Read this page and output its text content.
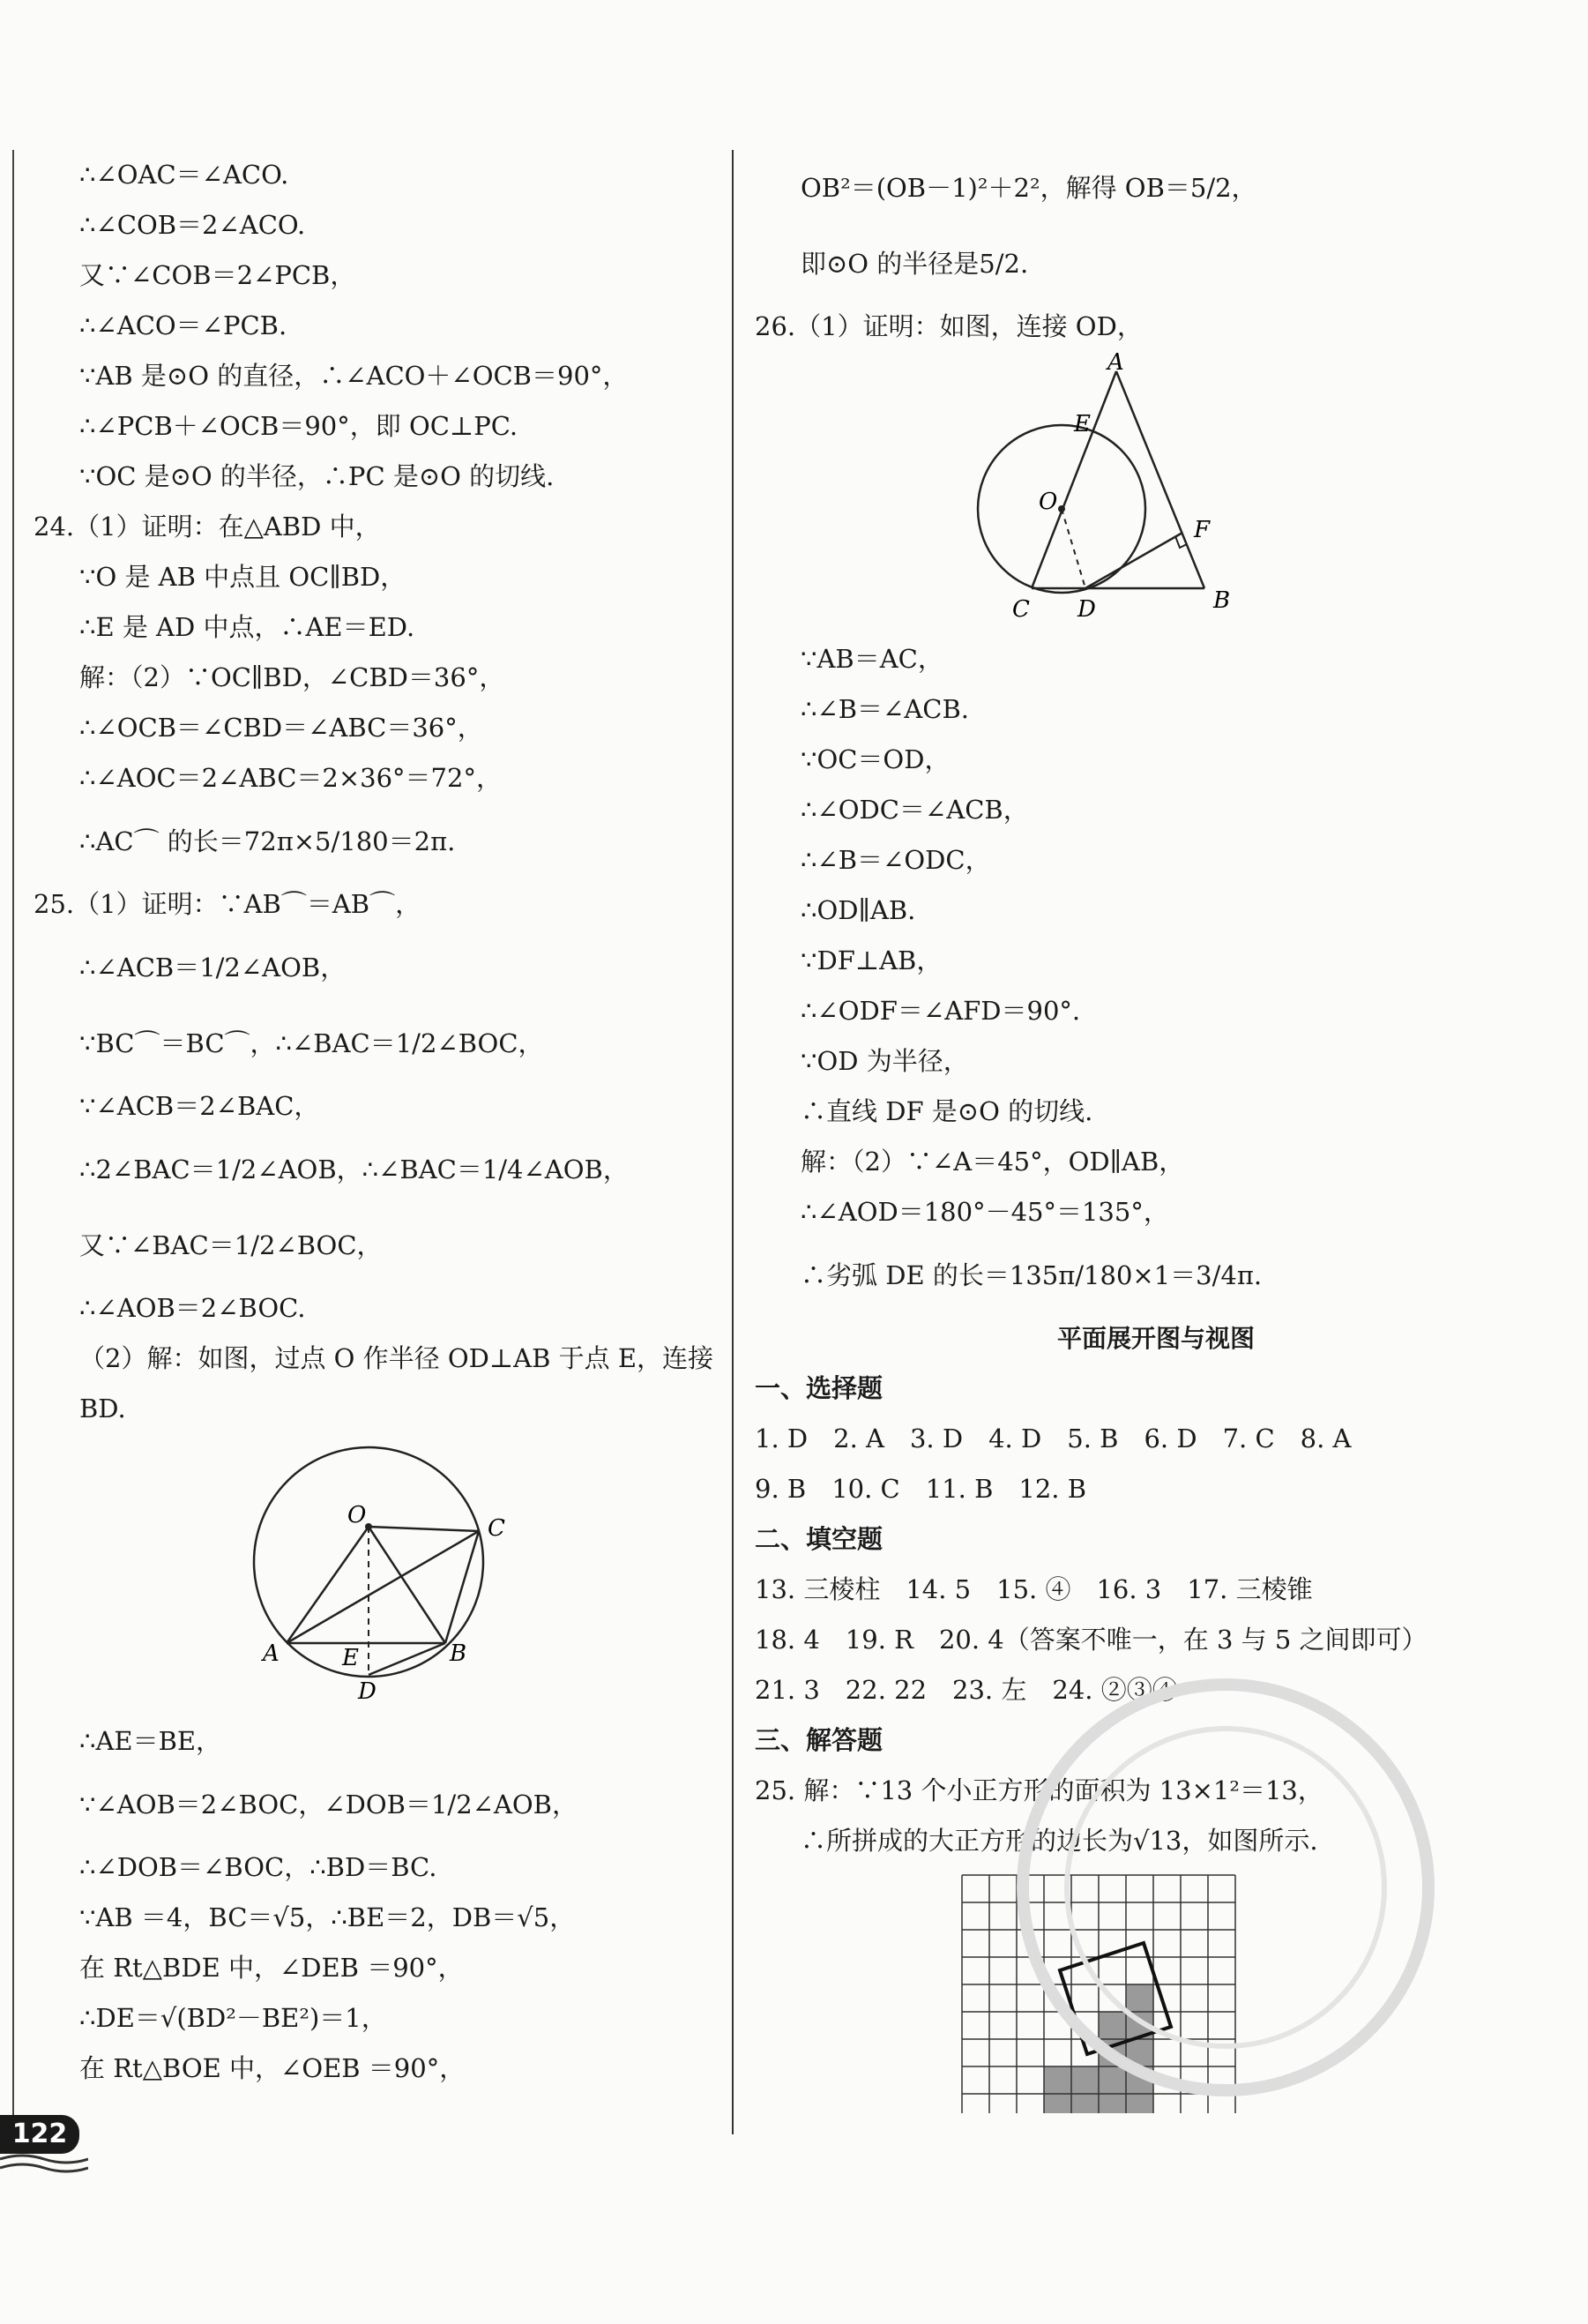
∴∠OAC＝∠ACO.
∴∠COB＝2∠ACO.
又∵∠COB＝2∠PCB，
∴∠ACO＝∠PCB.
∵AB 是⊙O 的直径，∴∠ACO＋∠OCB＝90°，
∴∠PCB＋∠OCB＝90°，即 OC⊥PC.
∵OC 是⊙O 的半径，∴PC 是⊙O 的切线.
24.（1）证明：在△ABD 中，
∵O 是 AB 中点且 OC∥BD，
∴E 是 AD 中点，∴AE＝ED.
解：（2）∵OC∥BD，∠CBD＝36°，
∴∠OCB＝∠CBD＝∠ABC＝36°，
∴∠AOC＝2∠ABC＝2×36°＝72°，
∴AC⌒ 的长＝72π×5/180＝2π.
25.（1）证明：∵AB⌒＝AB⌒，
∴∠ACB＝1/2∠AOB，
∵BC⌒＝BC⌒，∴∠BAC＝1/2∠BOC，
∵∠ACB＝2∠BAC，
∴2∠BAC＝1/2∠AOB，∴∠BAC＝1/4∠AOB，
又∵∠BAC＝1/2∠BOC，
∴∠AOB＝2∠BOC.
（2）解：如图，过点 O 作半径 OD⊥AB 于点 E，连接
BD.
O	C
A	E	B
D
∴AE＝BE，
∵∠AOB＝2∠BOC，∠DOB＝1/2∠AOB，
∴∠DOB＝∠BOC，∴BD＝BC.
∵AB ＝4，BC＝√5，∴BE＝2，DB＝√5，
在 Rt△BDE 中，∠DEB ＝90°，
∴DE＝√(BD²－BE²)＝1，
在 Rt△BOE 中，∠OEB ＝90°，
OB²＝(OB－1)²＋2²，解得 OB＝5/2，
即⊙O 的半径是5/2.
26.（1）证明：如图，连接 OD，
A
E
O
F
C D	B
∵AB＝AC，
∴∠B＝∠ACB.
∵OC＝OD，
∴∠ODC＝∠ACB，
∴∠B＝∠ODC，
∴OD∥AB.
∵DF⊥AB，
∴∠ODF＝∠AFD＝90°.
∵OD 为半径，
∴直线 DF 是⊙O 的切线.
解：（2）∵∠A＝45°，OD∥AB，
∴∠AOD＝180°－45°＝135°，
∴劣弧 DE 的长＝135π/180×1＝3/4π.
平面展开图与视图
一、选择题
1. D　2. A　3. D　4. D　5. B　6. D　7. C　8. A
9. B　10. C　11. B　12. B
二、填空题
13. 三棱柱　14. 5　15. ④　16. 3　17. 三棱锥
18. 4　19. R　20. 4（答案不唯一，在 3 与 5 之间即可）
21. 3　22. 22　23. 左　24. ②③④
三、解答题
25. 解：∵13 个小正方形的面积为 13×1²＝13，
∴所拼成的大正方形的边长为√13，如图所示.
122
